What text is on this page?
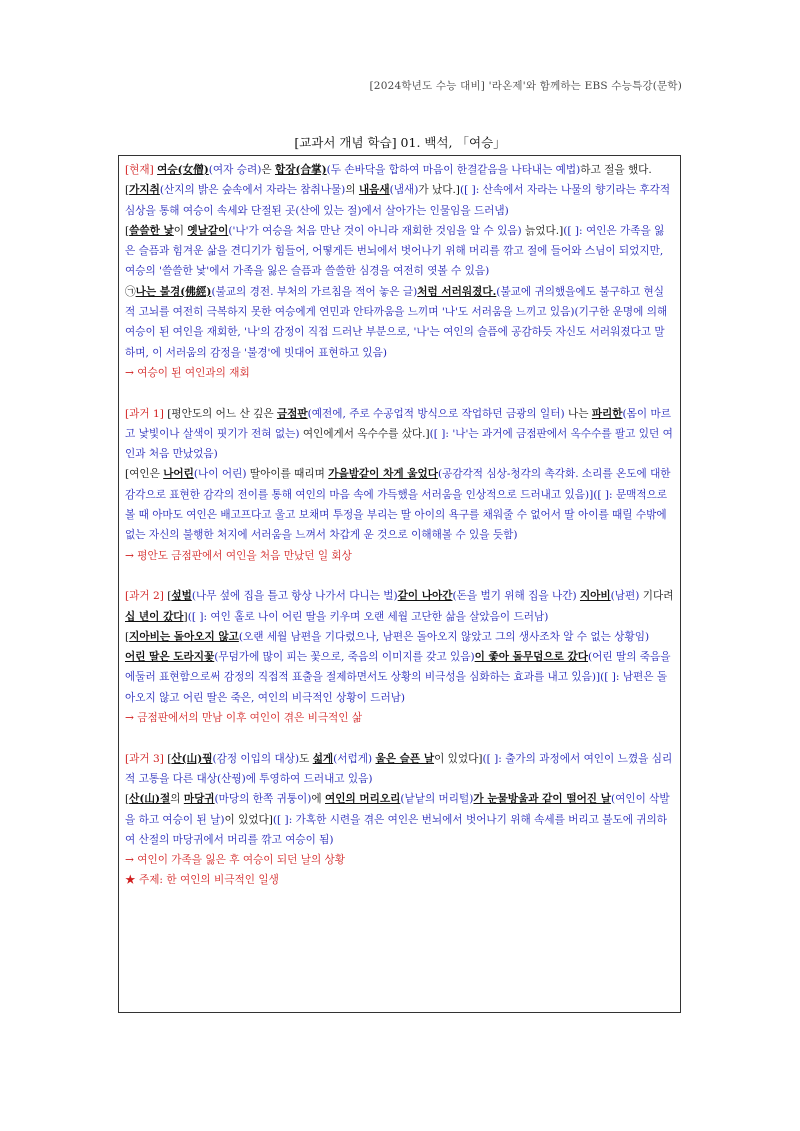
[2024학년도 수능 대비] '라온제'와 함께하는 EBS 수능특강(문학)
[교과서 개념 학습] 01. 백석, 「여승」

[현재] 여승(女僧)(여자 승려)은 합장(合掌)(두 손바닥을 합하여 마음이 한결같음을 나타내는 예법)하고 절을 했다.

[가지취(산지의 밝은 숲속에서 자라는 참취나물)의 내음새(냄새)가 났다.]([ ]: 산속에서 자라는 나물의 향기라는 후각적 심상을 통해 여승이 속세와 단절된 곳(산에 있는 절)에서 살아가는 인물임을 드러냄)

[쓸쓸한 낯이 옛날같이('나'가 여승을 처음 만난 것이 아니라 재회한 것임을 알 수 있음) 늙었다.]([ ]: 여인은 가족을 잃은 슬픔과 힘겨운 삶을 견디기가 힘들어, 어떻게든 번뇌에서 벗어나기 위해 머리를 깎고 절에 들어와 스님이 되었지만, 여승의 '쓸쓸한 낯'에서 가족을 잃은 슬픔과 쓸쓸한 심경을 여전히 엿볼 수 있음)

㉠나는 불경(佛經)(불교의 경전. 부처의 가르침을 적어 놓은 글)처럼 서러워졌다.(불교에 귀의했을에도 불구하고 현실적 고뇌를 여전히 극복하지 못한 여승에게 연민과 안타까움을 느끼며 '나'도 서러움을 느끼고 있음)(기구한 운명에 의해 여승이 된 여인을 재회한, '나'의 감정이 직접 드러난 부분으로, '나'는 여인의 슬픔에 공감하듯 자신도 서러워졌다고 말하며, 이 서러움의 감정을 '불경'에 빗대어 표현하고 있음)

→ 여승이 된 여인과의 재회

[과거 1] [평안도의 어느 산 깊은 금점판(예전에, 주로 수공업적 방식으로 작업하던 금광의 일터) 나는 파리한(몸이 마르고 낯빛이나 살색이 핏기가 전혀 없는) 여인에게서 옥수수를 샀다.]([ ]: '나'는 과거에 금점판에서 옥수수를 팔고 있던 여인과 처음 만났었음)

[여인은 나어린(나이 어린) 딸아이를 때리며 가을밤같이 차게 울었다(공감각적 심상-청각의 촉각화. 소리를 온도에 대한 감각으로 표현한 감각의 전이를 통해 여인의 마음 속에 가득했을 서러움을 인상적으로 드러내고 있음)]([ ]: 문맥적으로 볼 때 아마도 여인은 배고프다고 울고 보채며 투정을 부리는 딸 아이의 욕구를 채워줄 수 없어서 딸 아이를 때릴 수밖에 없는 자신의 불행한 처지에 서러움을 느껴서 차갑게 운 것으로 이해해볼 수 있을 듯함)

→ 평안도 금점판에서 여인을 처음 만났던 일 회상

[과거 2] [섶벌(나무 섶에 집을 틀고 항상 나가서 다니는 벌)같이 나아간(돈을 벌기 위해 집을 나간) 지아비(남편) 기다려 십 년이 갔다]([ ]: 여인 홀로 나이 어린 딸을 키우며 오랜 세월 고단한 삶을 살았음이 드러남)

[지아비는 돌아오지 않고(오랜 세월 남편을 기다렸으나, 남편은 돌아오지 않았고 그의 생사조차 알 수 없는 상황임)

어린 딸은 도라지꽃(무덤가에 많이 피는 꽃으로, 죽음의 이미지를 갖고 있음)이 좋아 돌무덤으로 갔다(어린 딸의 죽음을 에둘러 표현함으로써 감정의 직접적 표출을 절제하면서도 상황의 비극성을 심화하는 효과를 내고 있음)]([ ]: 남편은 돌아오지 않고 어린 딸은 죽은, 여인의 비극적인 상황이 드러남)

→ 금점판에서의 만남 이후 여인이 겪은 비극적인 삶

[과거 3] [산(山)꿩(감정 이입의 대상)도 섧게(서럽게) 울은 슬픈 날이 있었다]([ ]: 출가의 과정에서 여인이 느꼈을 심리적 고통을 다른 대상(산꿩)에 투영하여 드러내고 있음)

[산(山)절의 마당귀(마당의 한쪽 귀퉁이)에 여인의 머리오리(낱낱의 머리털)가 눈물방울과 같이 떨어진 날(여인이 삭발을 하고 여승이 된 날)이 있었다]([ ]: 가혹한 시련을 겪은 여인은 번뇌에서 벗어나기 위해 속세를 버리고 불도에 귀의하여 산절의 마당귀에서 머리를 깎고 여승이 됨)

→ 여인이 가족을 잃은 후 여승이 되던 날의 상황

★ 주제: 한 여인의 비극적인 일생
